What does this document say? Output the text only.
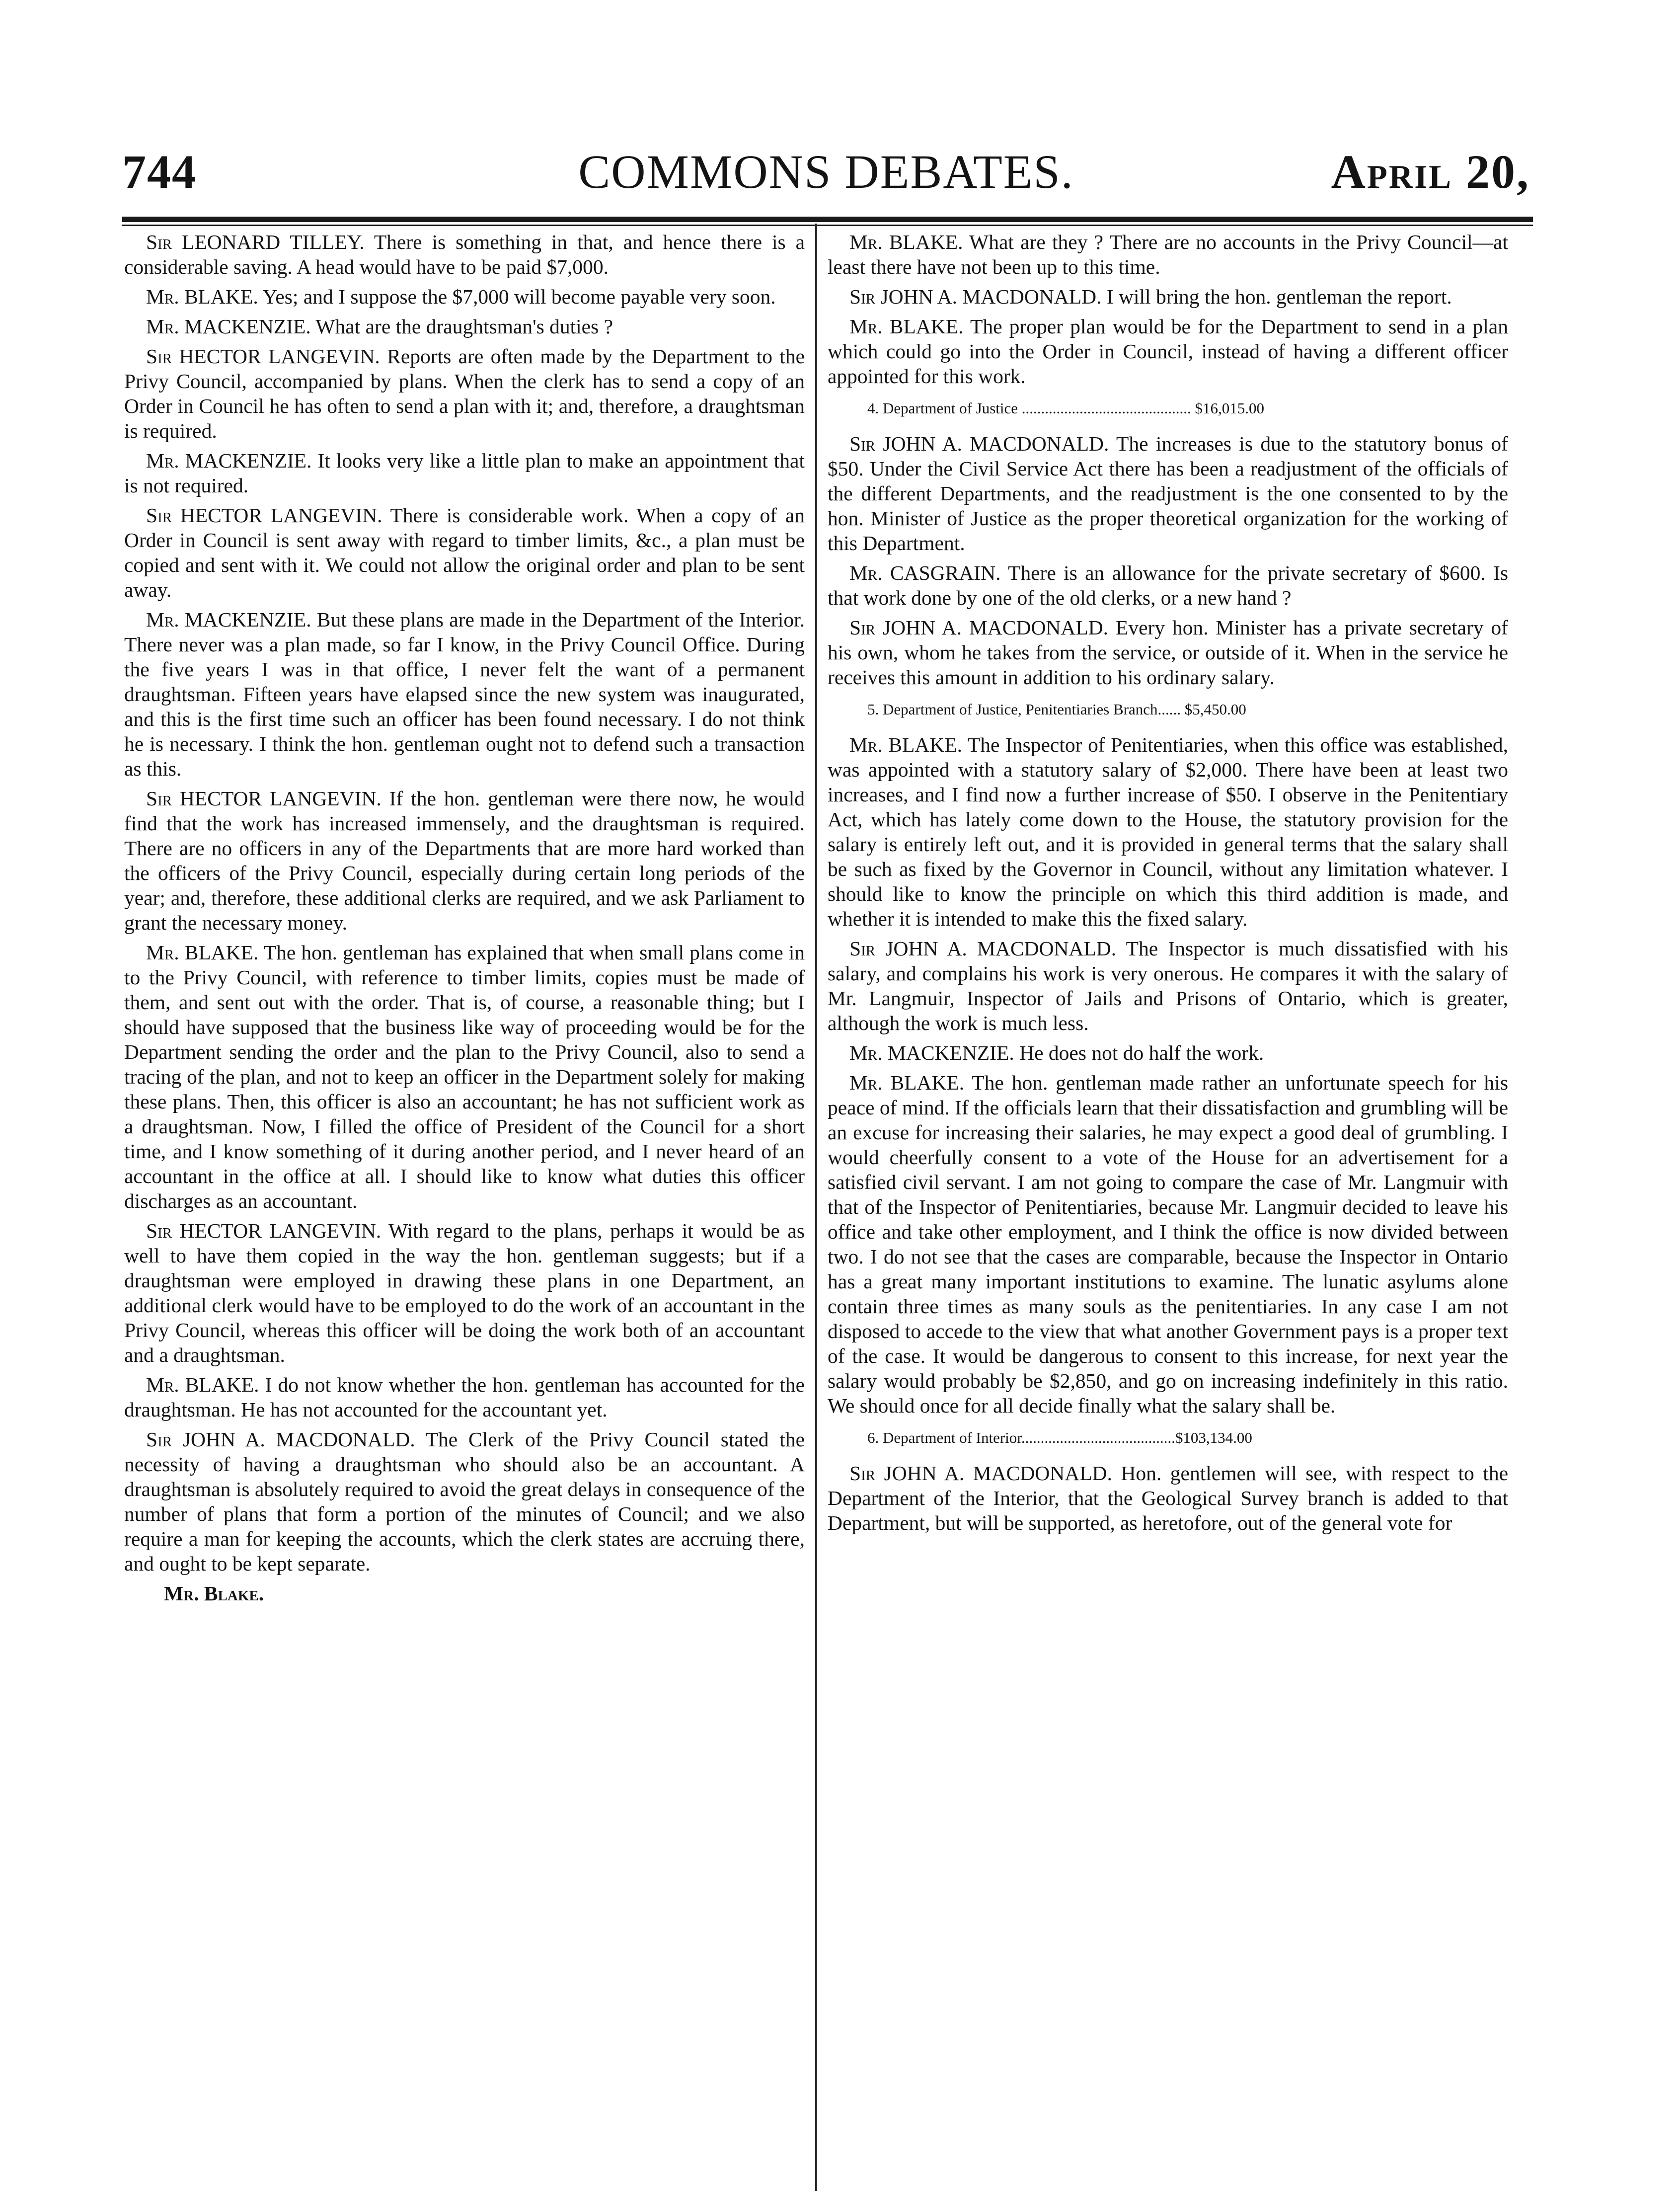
744	COMMONS DEBATES.	April 20,

Sir LEONARD TILLEY. There is something in that, and hence there is a considerable saving. A head would have to be paid $7,000.

Mr. BLAKE. Yes; and I suppose the $7,000 will become payable very soon.

Mr. MACKENZIE. What are the draughtsman's duties ?

Sir HECTOR LANGEVIN. Reports are often made by the Department to the Privy Council, accompanied by plans. When the clerk has to send a copy of an Order in Council he has often to send a plan with it; and, therefore, a draughtsman is required.

Mr. MACKENZIE. It looks very like a little plan to make an appointment that is not required.

Sir HECTOR LANGEVIN. There is considerable work. When a copy of an Order in Council is sent away with regard to timber limits, &c., a plan must be copied and sent with it. We could not allow the original order and plan to be sent away.

Mr. MACKENZIE. But these plans are made in the Department of the Interior. There never was a plan made, so far I know, in the Privy Council Office. During the five years I was in that office, I never felt the want of a permanent draughtsman. Fifteen years have elapsed since the new system was inaugurated, and this is the first time such an officer has been found necessary. I do not think he is necessary. I think the hon. gentleman ought not to defend such a transaction as this.

Sir HECTOR LANGEVIN. If the hon. gentleman were there now, he would find that the work has increased immensely, and the draughtsman is required. There are no officers in any of the Departments that are more hard worked than the officers of the Privy Council, especially during certain long periods of the year; and, therefore, these additional clerks are required, and we ask Parliament to grant the necessary money.

Mr. BLAKE. The hon. gentleman has explained that when small plans come in to the Privy Council, with reference to timber limits, copies must be made of them, and sent out with the order. That is, of course, a reasonable thing; but I should have supposed that the business like way of proceeding would be for the Department sending the order and the plan to the Privy Council, also to send a tracing of the plan, and not to keep an officer in the Department solely for making these plans. Then, this officer is also an accountant; he has not sufficient work as a draughtsman. Now, I filled the office of President of the Council for a short time, and I know something of it during another period, and I never heard of an accountant in the office at all. I should like to know what duties this officer discharges as an accountant.

Sir HECTOR LANGEVIN. With regard to the plans, perhaps it would be as well to have them copied in the way the hon. gentleman suggests; but if a draughtsman were employed in drawing these plans in one Department, an additional clerk would have to be employed to do the work of an accountant in the Privy Council, whereas this officer will be doing the work both of an accountant and a draughtsman.

Mr. BLAKE. I do not know whether the hon. gentleman has accounted for the draughtsman. He has not accounted for the accountant yet.

Sir JOHN A. MACDONALD. The Clerk of the Privy Council stated the necessity of having a draughtsman who should also be an accountant. A draughtsman is absolutely required to avoid the great delays in consequence of the number of plans that form a portion of the minutes of Council; and we also require a man for keeping the accounts, which the clerk states are accruing there, and ought to be kept separate.

Mr. Blake.

Mr. BLAKE. What are they ? There are no accounts in the Privy Council—at least there have not been up to this time.

Sir JOHN A. MACDONALD. I will bring the hon. gentleman the report.

Mr. BLAKE. The proper plan would be for the Department to send in a plan which could go into the Order in Council, instead of having a different officer appointed for this work.

4. Department of Justice ............................................ $16,015.00

Sir JOHN A. MACDONALD. The increases is due to the statutory bonus of $50. Under the Civil Service Act there has been a readjustment of the officials of the different Departments, and the readjustment is the one consented to by the hon. Minister of Justice as the proper theoretical organization for the working of this Department.

Mr. CASGRAIN. There is an allowance for the private secretary of $600. Is that work done by one of the old clerks, or a new hand ?

Sir JOHN A. MACDONALD. Every hon. Minister has a private secretary of his own, whom he takes from the service, or outside of it. When in the service he receives this amount in addition to his ordinary salary.

5. Department of Justice, Penitentiaries Branch...... $5,450.00

Mr. BLAKE. The Inspector of Penitentiaries, when this office was established, was appointed with a statutory salary of $2,000. There have been at least two increases, and I find now a further increase of $50. I observe in the Penitentiary Act, which has lately come down to the House, the statutory provision for the salary is entirely left out, and it is provided in general terms that the salary shall be such as fixed by the Governor in Council, without any limitation whatever. I should like to know the principle on which this third addition is made, and whether it is intended to make this the fixed salary.

Sir JOHN A. MACDONALD. The Inspector is much dissatisfied with his salary, and complains his work is very onerous. He compares it with the salary of Mr. Langmuir, Inspector of Jails and Prisons of Ontario, which is greater, although the work is much less.

Mr. MACKENZIE. He does not do half the work.

Mr. BLAKE. The hon. gentleman made rather an unfortunate speech for his peace of mind. If the officials learn that their dissatisfaction and grumbling will be an excuse for increasing their salaries, he may expect a good deal of grumbling. I would cheerfully consent to a vote of the House for an advertisement for a satisfied civil servant. I am not going to compare the case of Mr. Langmuir with that of the Inspector of Penitentiaries, because Mr. Langmuir decided to leave his office and take other employment, and I think the office is now divided between two. I do not see that the cases are comparable, because the Inspector in Ontario has a great many important institutions to examine. The lunatic asylums alone contain three times as many souls as the penitentiaries. In any case I am not disposed to accede to the view that what another Government pays is a proper text of the case. It would be dangerous to consent to this increase, for next year the salary would probably be $2,850, and go on increasing indefinitely in this ratio. We should once for all decide finally what the salary shall be.

6. Department of Interior........................................$103,134.00

Sir JOHN A. MACDONALD. Hon. gentlemen will see, with respect to the Department of the Interior, that the Geological Survey branch is added to that Department, but will be supported, as heretofore, out of the general vote for
